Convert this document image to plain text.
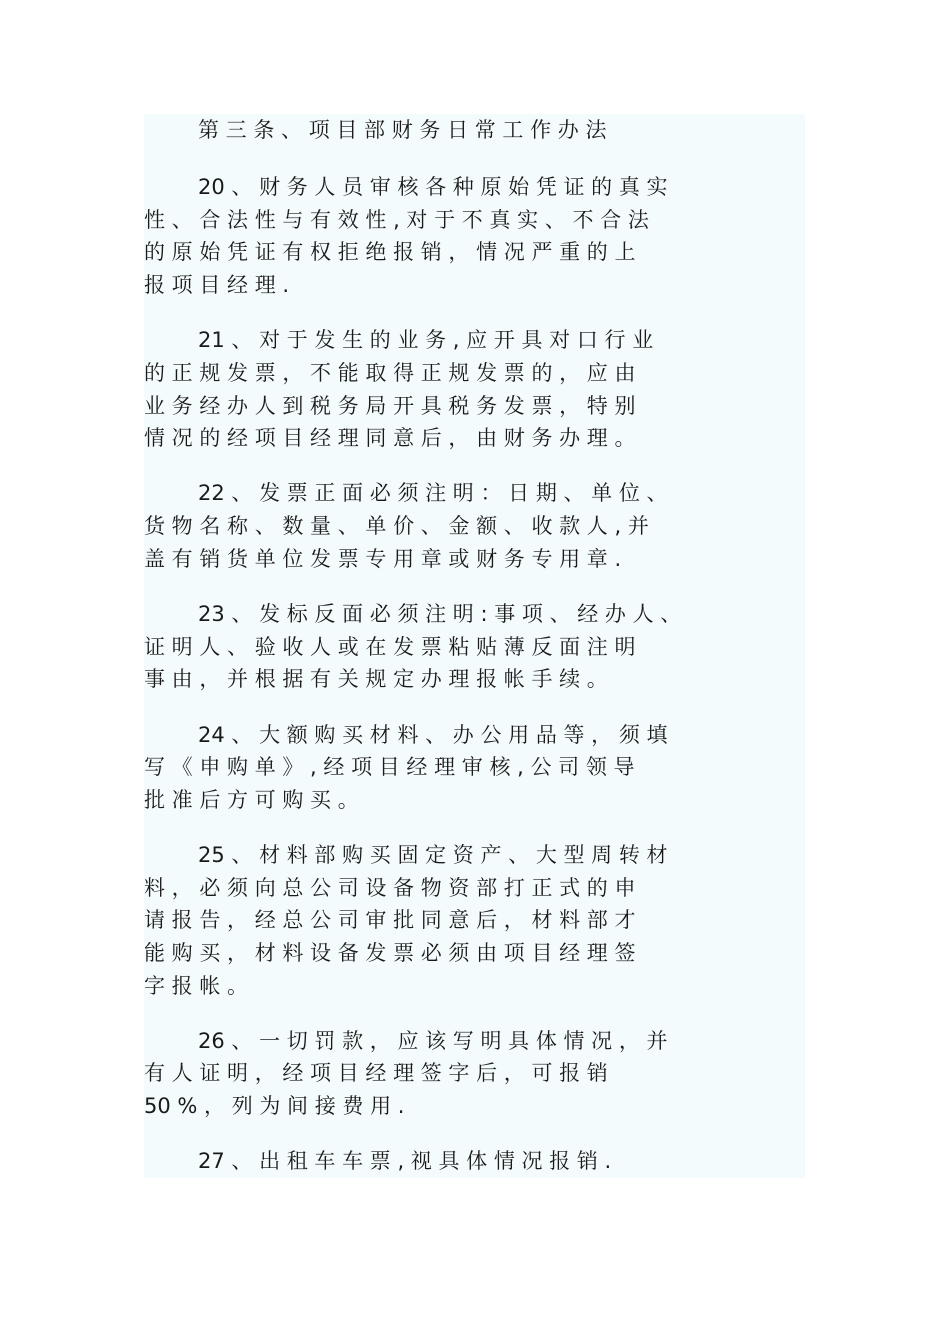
第 三 条 、 项 目 部 财 务 日 常 工 作 办 法
20 、 财 务 人 员 审 核 各 种 原 始 凭 证 的 真 实
性 、 合 法 性 与 有 效 性 , 对 于 不 真 实 、 不 合 法
的 原 始 凭 证 有 权 拒 绝 报 销 ， 情 况 严 重 的 上
报 项 目 经 理 .
21 、 对 于 发 生 的 业 务 , 应 开 具 对 口 行 业
的 正 规 发 票 ， 不 能 取 得 正 规 发 票 的 ， 应 由
业 务 经 办 人 到 税 务 局 开 具 税 务 发 票 ， 特 别
情 况 的 经 项 目 经 理 同 意 后 ， 由 财 务 办 理 。
22 、 发 票 正 面 必 须 注 明 ： 日 期 、 单 位 、
货 物 名 称 、 数 量 、 单 价 、 金 额 、 收 款 人 , 并
盖 有 销 货 单 位 发 票 专 用 章 或 财 务 专 用 章 .
23 、 发 标 反 面 必 须 注 明 : 事 项 、 经 办 人 、
证 明 人 、 验 收 人 或 在 发 票 粘 贴 薄 反 面 注 明
事 由 ， 并 根 据 有 关 规 定 办 理 报 帐 手 续 。
24 、 大 额 购 买 材 料 、 办 公 用 品 等 ， 须 填
写 《 申 购 单 》 , 经 项 目 经 理 审 核 , 公 司 领 导
批 准 后 方 可 购 买 。
25 、 材 料 部 购 买 固 定 资 产 、 大 型 周 转 材
料 ， 必 须 向 总 公 司 设 备 物 资 部 打 正 式 的 申
请 报 告 ， 经 总 公 司 审 批 同 意 后 ， 材 料 部 才
能 购 买 ， 材 料 设 备 发 票 必 须 由 项 目 经 理 签
字 报 帐 。
26 、 一 切 罚 款 ， 应 该 写 明 具 体 情 况 ， 并
有 人 证 明 ， 经 项 目 经 理 签 字 后 ， 可 报 销
50 % ， 列 为 间 接 费 用 .
27 、 出 租 车 车 票 , 视 具 体 情 况 报 销 .
